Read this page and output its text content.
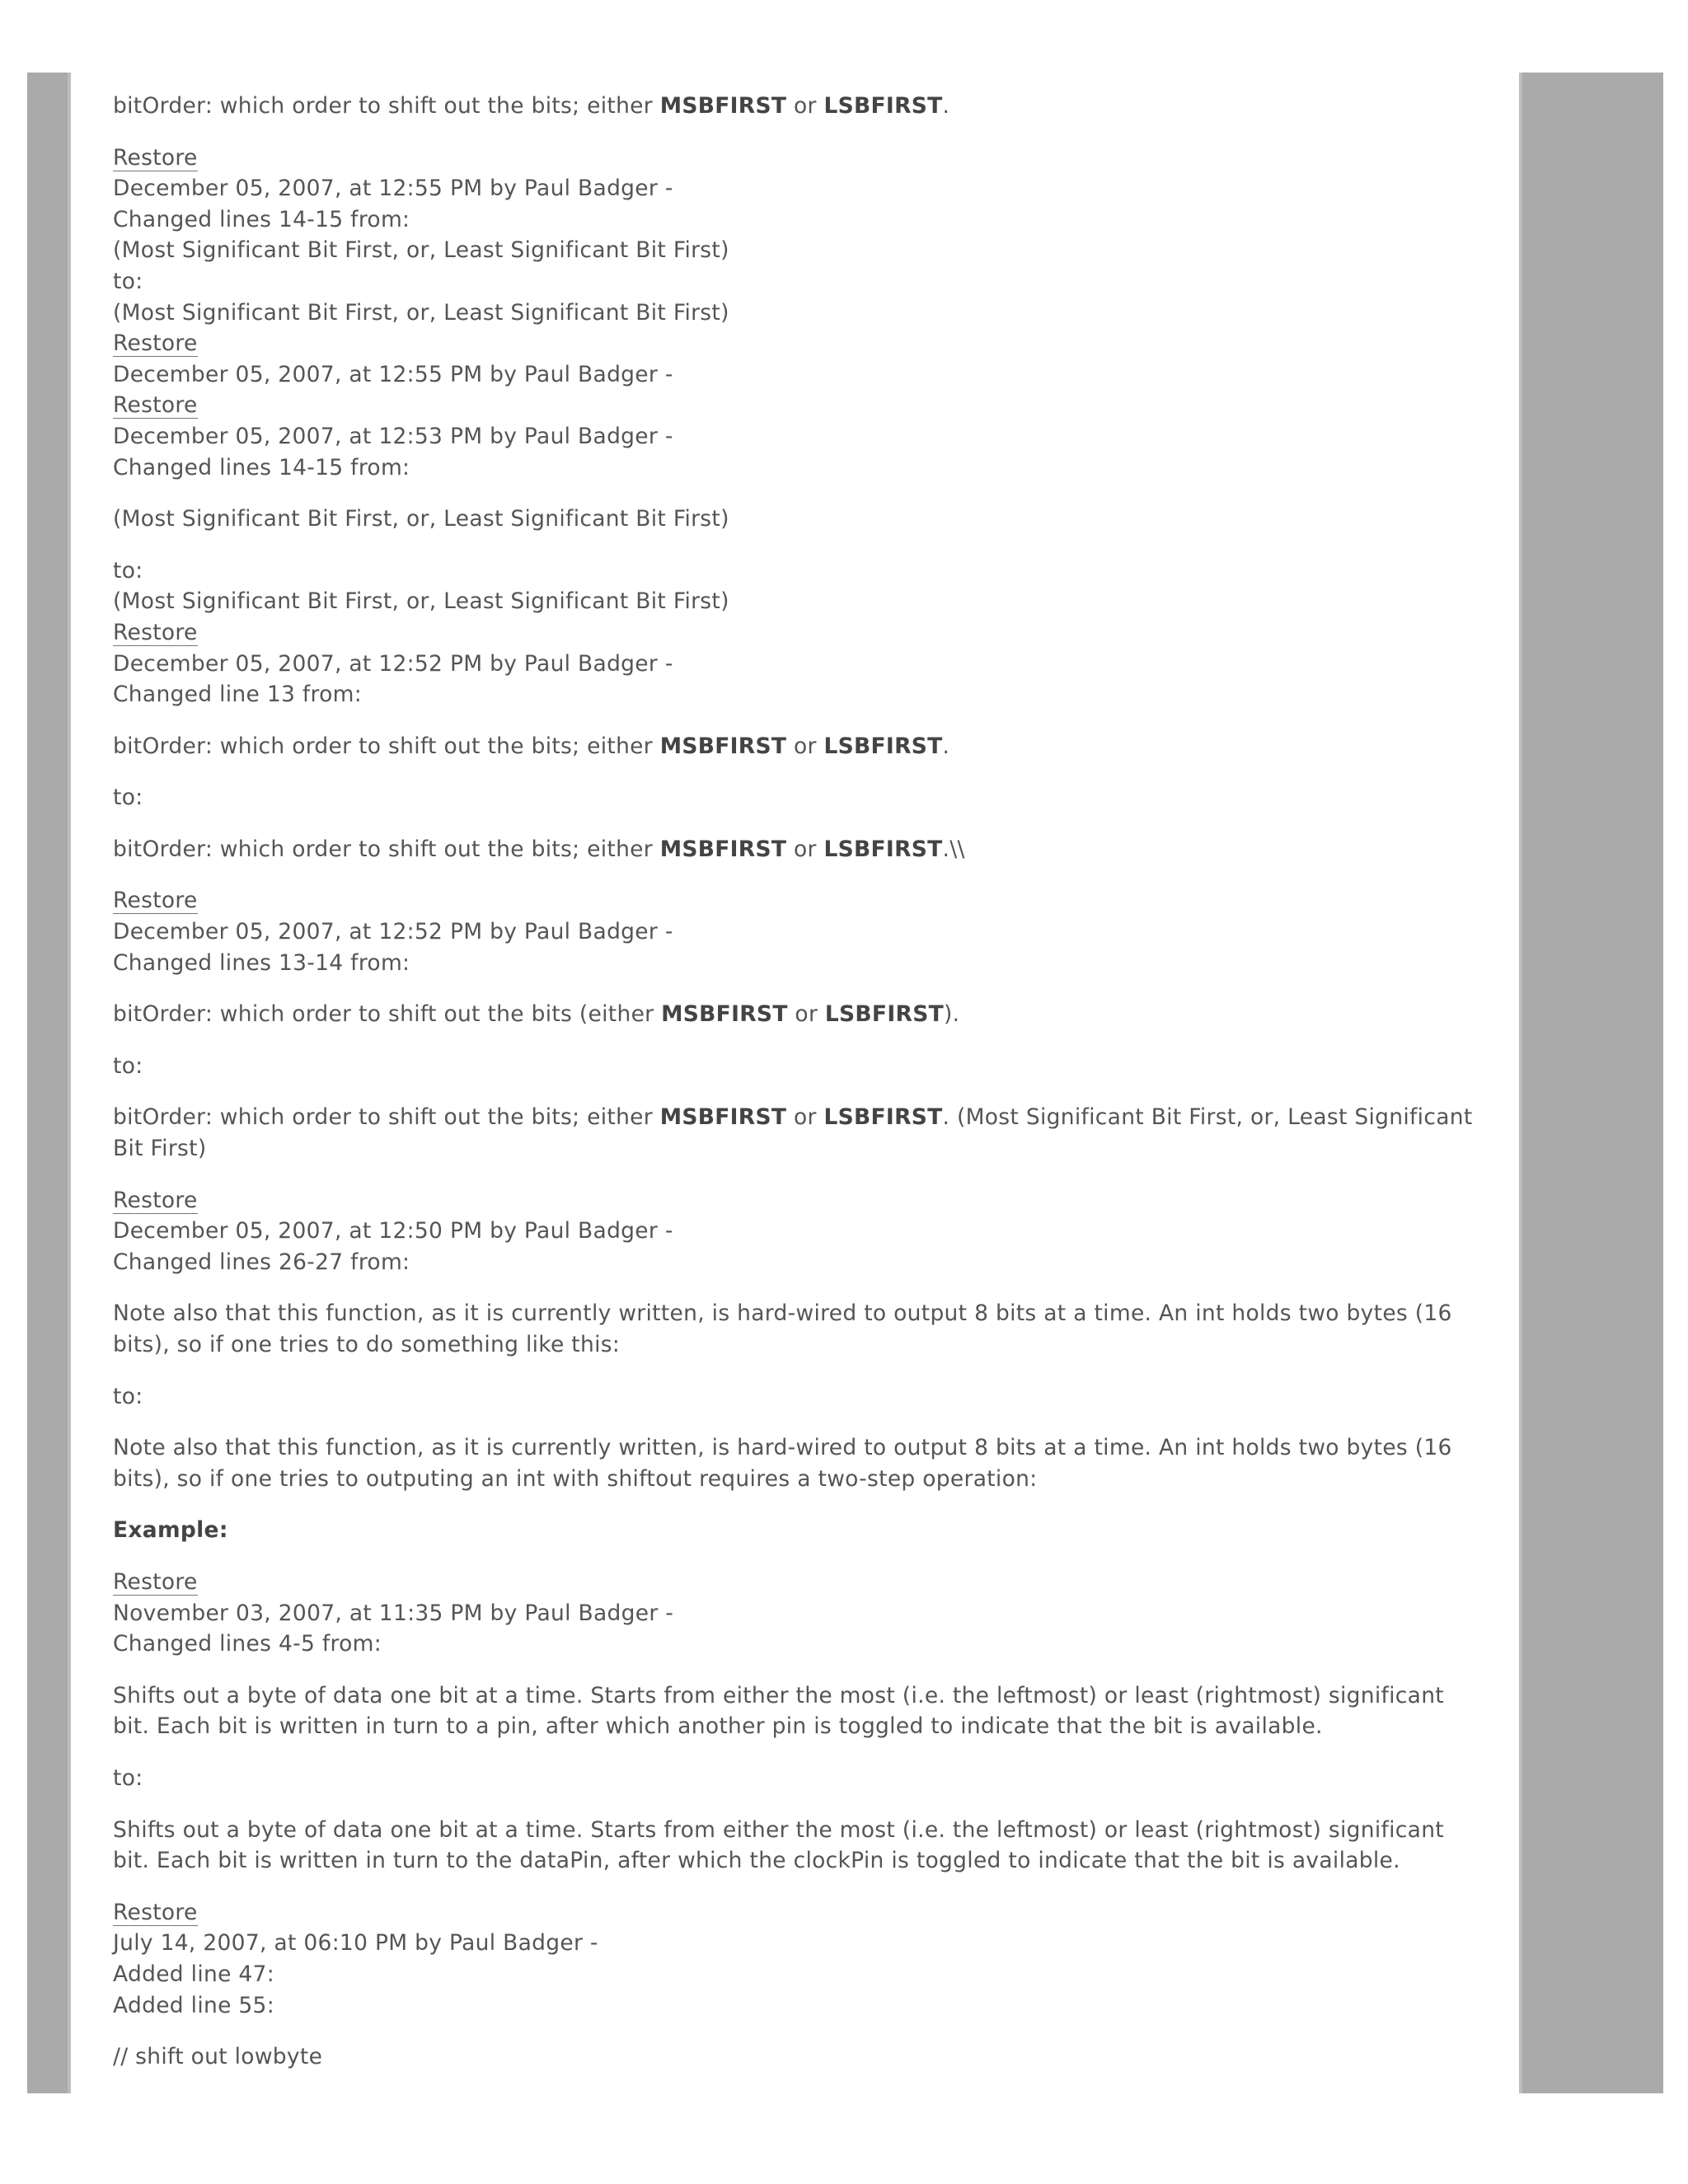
bitOrder: which order to shift out the bits; either MSBFIRST or LSBFIRST.
Restore
December 05, 2007, at 12:55 PM by Paul Badger -
Changed lines 14-15 from:
(Most Significant Bit First, or, Least Significant Bit First)
to:
(Most Significant Bit First, or, Least Significant Bit First)
Restore
December 05, 2007, at 12:55 PM by Paul Badger -
Restore
December 05, 2007, at 12:53 PM by Paul Badger -
Changed lines 14-15 from:
(Most Significant Bit First, or, Least Significant Bit First)
to:
(Most Significant Bit First, or, Least Significant Bit First)
Restore
December 05, 2007, at 12:52 PM by Paul Badger -
Changed line 13 from:
bitOrder: which order to shift out the bits; either MSBFIRST or LSBFIRST.
to:
bitOrder: which order to shift out the bits; either MSBFIRST or LSBFIRST.\\
Restore
December 05, 2007, at 12:52 PM by Paul Badger -
Changed lines 13-14 from:
bitOrder: which order to shift out the bits (either MSBFIRST or LSBFIRST).
to:
bitOrder: which order to shift out the bits; either MSBFIRST or LSBFIRST. (Most Significant Bit First, or, Least Significant Bit First)
Restore
December 05, 2007, at 12:50 PM by Paul Badger -
Changed lines 26-27 from:
Note also that this function, as it is currently written, is hard-wired to output 8 bits at a time. An int holds two bytes (16 bits), so if one tries to do something like this:
to:
Note also that this function, as it is currently written, is hard-wired to output 8 bits at a time. An int holds two bytes (16 bits), so if one tries to outputing an int with shiftout requires a two-step operation:
Example:
Restore
November 03, 2007, at 11:35 PM by Paul Badger -
Changed lines 4-5 from:
Shifts out a byte of data one bit at a time. Starts from either the most (i.e. the leftmost) or least (rightmost) significant bit. Each bit is written in turn to a pin, after which another pin is toggled to indicate that the bit is available.
to:
Shifts out a byte of data one bit at a time. Starts from either the most (i.e. the leftmost) or least (rightmost) significant bit. Each bit is written in turn to the dataPin, after which the clockPin is toggled to indicate that the bit is available.
Restore
July 14, 2007, at 06:10 PM by Paul Badger -
Added line 47:
Added line 55:
// shift out lowbyte
